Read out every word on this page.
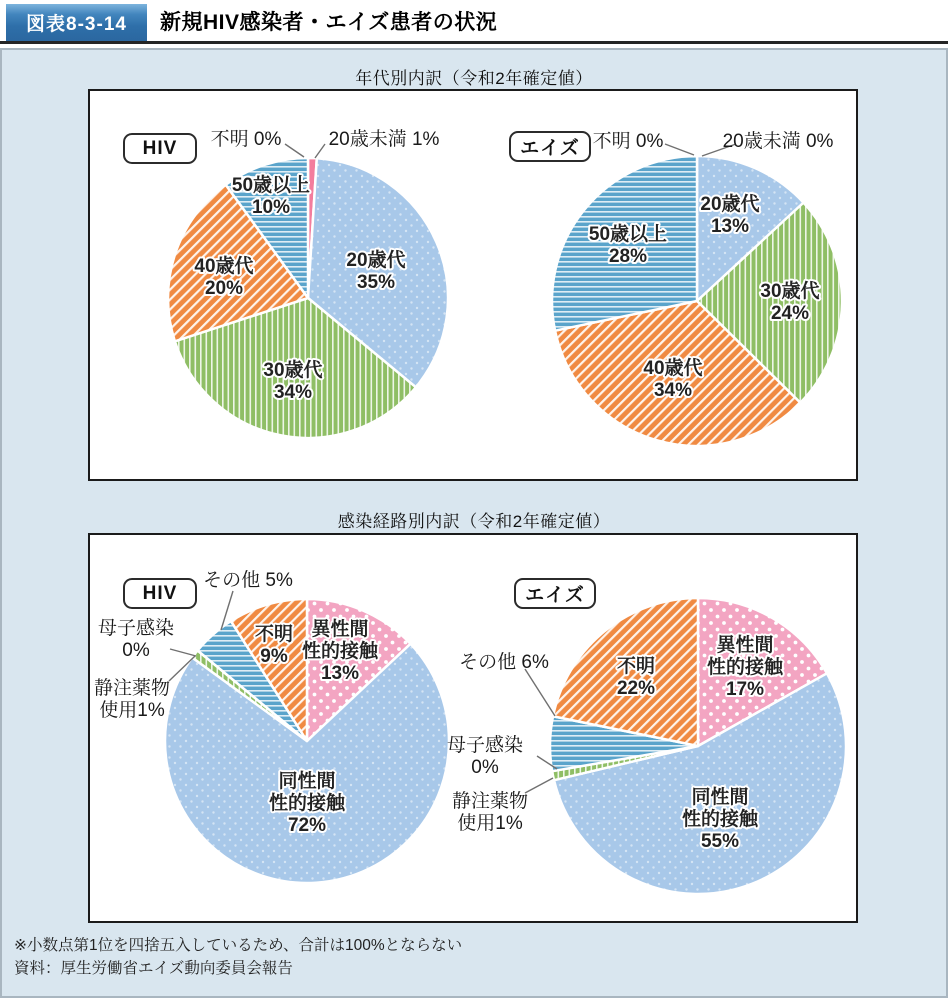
図表8-3-14	新規HIV感染者・エイズ患者の状況
年代別内訳（令和2年確定値）
20歳未満 1%
20歳代 35%
30歳代 34%
40歳代 20%
50歳以上 10%
不明 0%	20歳未満 0%
20歳代 13%
30歳代 24%
40歳代 34%
50歳以上 28%
不明 0%
HIV	エイズ
感染経路別内訳（令和2年確定値）
異性間性的接触 13%
同性間性的接触 72%
静注薬物使用1%
母子感染 0%
その他 5%
不明 9%
異性間性的接触 17%
同性間性的接触 55%
静注薬物使用1%
母子感染 0%
その他 6%	不明 22%
HIV	エイズ
※小数点第1位を四捨五入しているため、合計は100%とならない
資料：厚生労働省エイズ動向委員会報告
